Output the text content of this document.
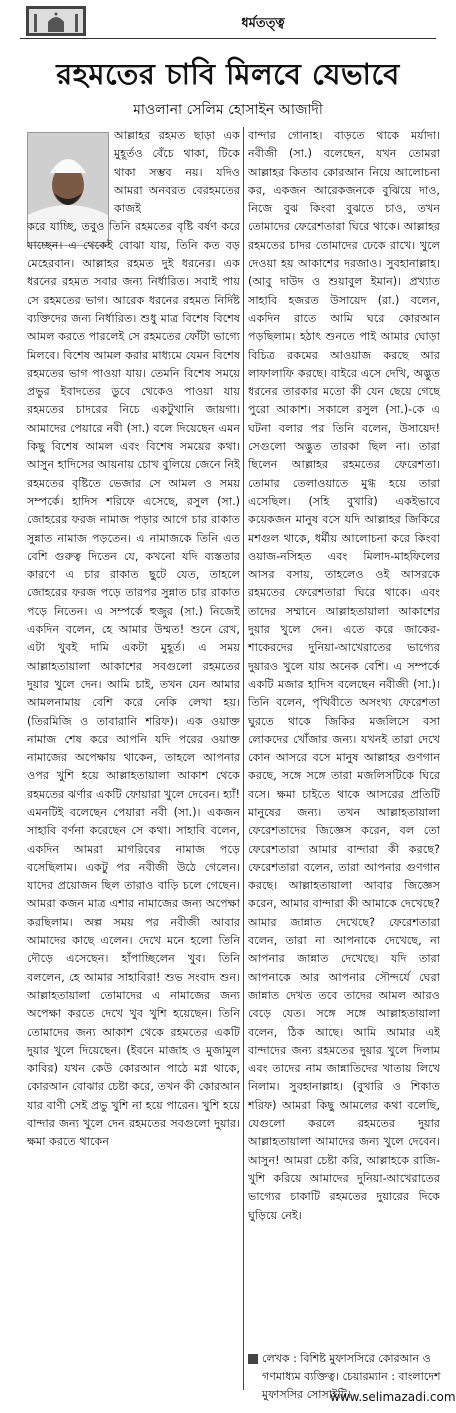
ধর্মতত্ত্ব
রহমতের চাবি মিলবে যেভাবে
মাওলানা সেলিম হোসাইন আজাদী
আল্লাহর রহমত ছাড়া এক মুহূর্তও বেঁচে থাকা, টিকে থাকা সম্ভব নয়। যদিও আমরা অনবরত বেরহমতের কাজই
করে যাচ্ছি, তবুও তিনি রহমতের বৃষ্টি বর্ষণ করে যাচ্ছেন। এ থেকেই বোঝা যায়, তিনি কত বড় মেহেরবান। আল্লাহর রহমত দুই ধরনের। এক ধরনের রহমত সবার জন্য নির্ধারিত। সবাই পায় সে রহমতের ভাগ। আরেক ধরনের রহমত নির্দিষ্ট ব্যক্তিদের জন্য নির্ধারিত। শুধু মাত্র বিশেষ বিশেষ আমল করতে পারলেই সে রহমতের ফোঁটা ভাগ্যে মিলবে। বিশেষ আমল করার মাধ্যমে যেমন বিশেষ রহমতের ভাগ পাওয়া যায়। তেমনি বিশেষ সময়ে প্রভুর ইবাদতের ডুবে থেকেও পাওয়া যায় রহমতের চাদরের নিচে একটুখানি জায়গা। আমাদের পেয়ারে নবী (সা.) বলে দিয়েছেন এমন কিছু বিশেষ আমল এবং বিশেষ সময়ের কথা। আসুন হাদিসের আয়নায় চোখ বুলিয়ে জেনে নিই রহমতের বৃষ্টিতে ভেজার সে আমল ও সময় সম্পর্কে। হাদিস শরিফে এসেছে, রসুল (সা.) জোহরের ফরজ নামাজ পড়ার আগে চার রাকাত সুন্নাত নামাজ পড়তেন। এ নামাজকে তিনি এত বেশি গুরুত্ব দিতেন যে, কখনো যদি ব্যস্ততার কারণে এ চার রাকাত ছুটে যেত, তাহলে জোহরের ফরজ পড়ে তারপর সুন্নাত চার রাকাত পড়ে নিতেন। এ সম্পর্কে হুজুর (সা.) নিজেই একদিন বলেন, হে আমার উম্মত! শুনে রেখ, এটা খুবই দামি একটা মুহূর্ত। এ সময় আল্লাহতায়ালা আকাশের সবগুলো রহমতের দুয়ার খুলে দেন। আমি চাই, তখন যেন আমার আমলনামায় বেশি করে নেকি লেখা হয়। (তিরমিজি ও তাবারানি শরিফ)। এক ওয়াক্ত নামাজ শেষ করে আপনি যদি পরের ওয়াক্ত নামাজের অপেক্ষায় থাকেন, তাহলে আপনার ওপর খুশি হয়ে আল্লাহতায়ালা আকাশ থেকে রহমতের ঝর্ণার একটি ফোয়ারা খুলে দেবেন। হ্যাঁ! এমনটিই বলেছেন পেয়ারা নবী (সা.)। একজন সাহাবি বর্ণনা করেছেন সে কথা। সাহাবি বলেন, একদিন আমরা মাগরিবের নামাজ পড়ে বসেছিলাম। একটু পর নবীজী উঠে গেলেন। যাদের প্রয়োজন ছিল তারাও বাড়ি চলে গেছেন। আমরা কজন মাত্র এশার নামাজের জন্য অপেক্ষা করছিলাম। অল্প সময় পর নবীজী আবার আমাদের কাছে এলেন। দেখে মনে হলো তিনি দৌড়ে এসেছেন। হাঁপাচ্ছিলেন খুব। তিনি বললেন, হে আমার সাহাবিরা! শুভ সংবাদ শুন। আল্লাহতায়ালা তোমাদের এ নামাজের জন্য অপেক্ষা করতে দেখে খুব খুশি হয়েছেন। তিনি তোমাদের জন্য আকাশ থেকে রহমতের একটি দুয়ার খুলে দিয়েছেন। (ইবনে মাজাহ ও মুজামুল কাবির) যখন কেউ কোরআন পাঠে মগ্ন থাকে, কোরআন বোঝার চেষ্টা করে, তখন কী কোরআন যার বাণী সেই প্রভু খুশি না হয়ে পারেন। খুশি হয়ে বান্দার জন্য খুলে দেন রহমতের সবগুলো দুয়ার। ক্ষমা করতে থাকেন
বান্দার গোনাহ। বাড়তে থাকে মর্যাদা। নবীজী (সা.) বলেছেন, যখন তোমরা আল্লাহর কিতাব কোরআন নিয়ে আলোচনা কর, একজন আরেকজনকে বুঝিয়ে দাও, নিজে বুঝ কিংবা বুঝতে চাও, তখন তোমাদের ফেরেশতারা ঘিরে থাকে। আল্লাহর রহমতের চাদর তোমাদের ঢেকে রাখে। খুলে দেওয়া হয় আকাশের দরজাও। সুবহানাল্লাহ। (আবু দাউদ ও শুয়াবুল ইমান)। প্রখ্যাত সাহাবি হজরত উসায়েদ (রা.) বলেন, একদিন রাতে আমি ঘরে কোরআন পড়ছিলাম। হঠাৎ শুনতে পাই আমার ঘোড়া বিচিত্র রকমের আওয়াজ করছে আর লাফালাফি করছে। বাইরে এসে দেখি, অদ্ভুত ধরনের তারকার মতো কী যেন ছেয়ে গেছে পুরো আকাশ। সকালে রসুল (সা.)-কে এ ঘটনা বলার পর তিনি বলেন, উসায়েদ! সেগুলো অদ্ভুত তারকা ছিল না। তারা ছিলেন আল্লাহর রহমতের ফেরেশতা। তোমার তেলাওয়াতে মুগ্ধ হয়ে তারা এসেছিল। (সহি বুখারি) একইভাবে কয়েকজন মানুষ বসে যদি আল্লাহর জিকিরে মশগুল থাকে, ধর্মীয় আলোচনা করে কিংবা ওয়াজ-নসিহত এবং মিলাদ-মাহফিলের আসর বসায়, তাহলেও ওই আসরকে রহমতের ফেরেশতারা ঘিরে থাকে। এবং তাদের সম্মানে আল্লাহতায়ালা আকাশের দুয়ার খুলে দেন। এতে করে জাকের-শাকেরদের দুনিয়া-আখেরাতের ভাগ্যের দুয়ারও খুলে যায় অনেক বেশি। এ সম্পর্কে একটি মজার হাদিস বলেছেন নবীজী (সা.)। তিনি বলেন, পৃথিবীতে অসংখ্য ফেরেশতা ঘুরতে থাকে জিকির মজলিসে বসা লোকদের খোঁজার জন্য। যখনই তারা দেখে কোন আসরে বসে মানুষ আল্লাহর গুণগান করছে, সঙ্গে সঙ্গে তারা মজলিসটিকে ঘিরে বসে। ক্ষমা চাইতে থাকে আসরের প্রতিটি মানুষের জন্য। তখন আল্লাহতায়ালা ফেরেশতাদের জিজ্ঞেস করেন, বল তো ফেরেশতারা আমার বান্দারা কী করছে? ফেরেশতারা বলেন, তারা আপনার গুণগান করছে। আল্লাহতায়ালা আবার জিজ্ঞেস করেন, আমার বান্দারা কী আমাকে দেখেছে? আমার জান্নাত দেখেছে? ফেরেশতারা বলেন, তারা না আপনাকে দেখেছে, না আপনার জান্নাত দেখেছে। যদি তারা আপনাকে আর আপনার সৌন্দর্যে ঘেরা জান্নাত দেখত তবে তাদের আমল আরও বেড়ে যেত। সঙ্গে সঙ্গে আল্লাহতায়ালা বলেন, ঠিক আছে। আমি আমার এই বান্দাদের জন্য রহমতের দুয়ার খুলে দিলাম এবং তাদের নাম জান্নাতিদের খাতায় লিখে নিলাম। সুবহানাল্লাহ। (বুখারি ও শিকাত শরিফ) আমরা কিছু আমলের কথা বলেছি, যেগুলো করলে রহমতের দুয়ার আল্লাহতায়ালা আমাদের জন্য খুলে দেবেন। আসুন! আমরা চেষ্টা করি, আল্লাহকে রাজি-খুশি করিয়ে আমাদের দুনিয়া-আখেরাতের ভাগ্যের চাকাটি রহমতের দুয়ারের দিকে ঘুড়িয়ে নেই।
লেখক : বিশিষ্ট মুফাসসিরে কোরআন ও গণমাধ্যম ব্যক্তিত্ব। চেয়ারম্যান : বাংলাদেশ মুফাসসির সোসাইটি।
www.selimazadi.com
